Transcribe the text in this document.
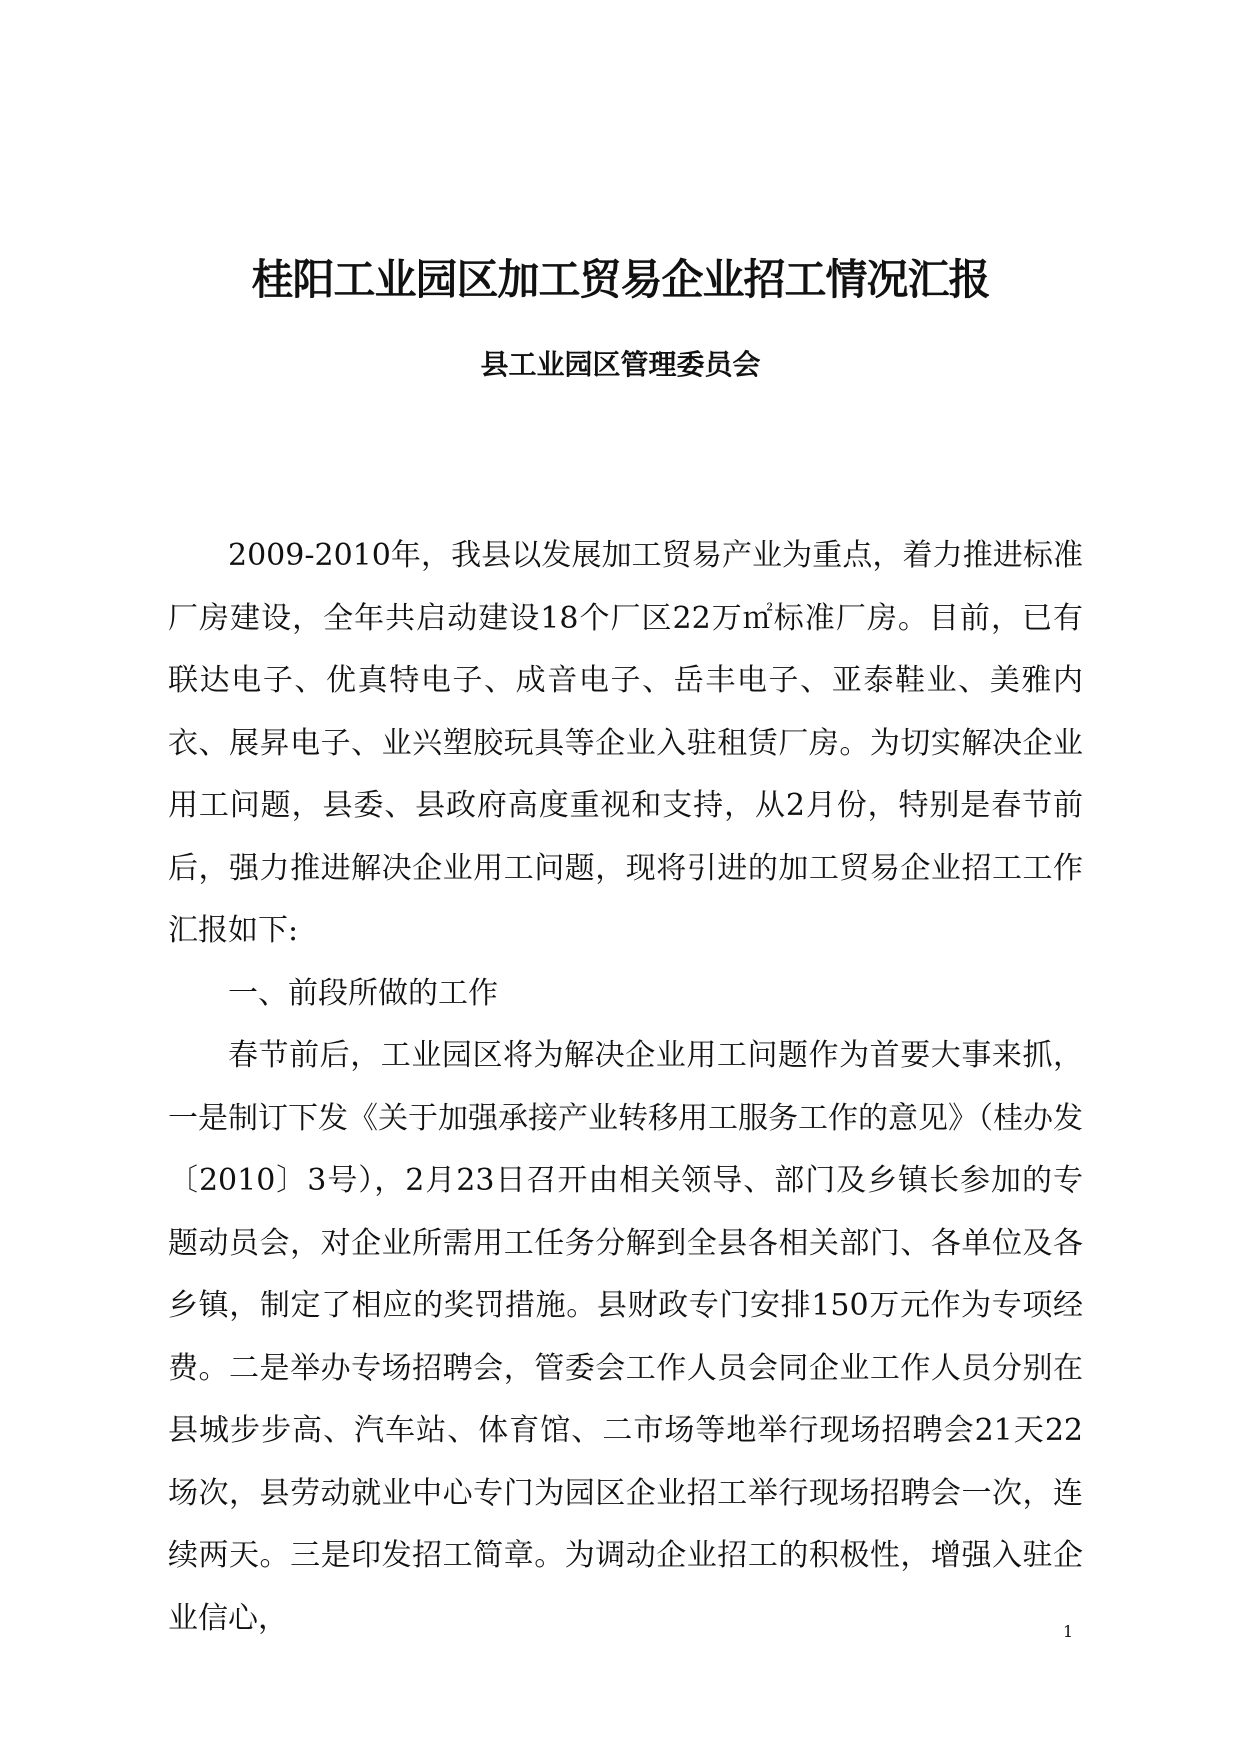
桂阳工业园区加工贸易企业招工情况汇报
县工业园区管理委员会

2009-2010年，我县以发展加工贸易产业为重点，着力推进标准厂房建设，全年共启动建设18个厂区22万㎡标准厂房。目前，已有联达电子、优真特电子、成音电子、岳丰电子、亚泰鞋业、美雅内衣、展昇电子、业兴塑胶玩具等企业入驻租赁厂房。为切实解决企业用工问题，县委、县政府高度重视和支持，从2月份，特别是春节前后，强力推进解决企业用工问题，现将引进的加工贸易企业招工工作汇报如下:

一、前段所做的工作

春节前后，工业园区将为解决企业用工问题作为首要大事来抓，一是制订下发《关于加强承接产业转移用工服务工作的意见》（桂办发〔2010〕3号），2月23日召开由相关领导、部门及乡镇长参加的专题动员会，对企业所需用工任务分解到全县各相关部门、各单位及各乡镇，制定了相应的奖罚措施。县财政专门安排150万元作为专项经费。二是举办专场招聘会，管委会工作人员会同企业工作人员分别在县城步步高、汽车站、体育馆、二市场等地举行现场招聘会21天22场次，县劳动就业中心专门为园区企业招工举行现场招聘会一次，连续两天。三是印发招工简章。为调动企业招工的积极性，增强入驻企业信心，	1
